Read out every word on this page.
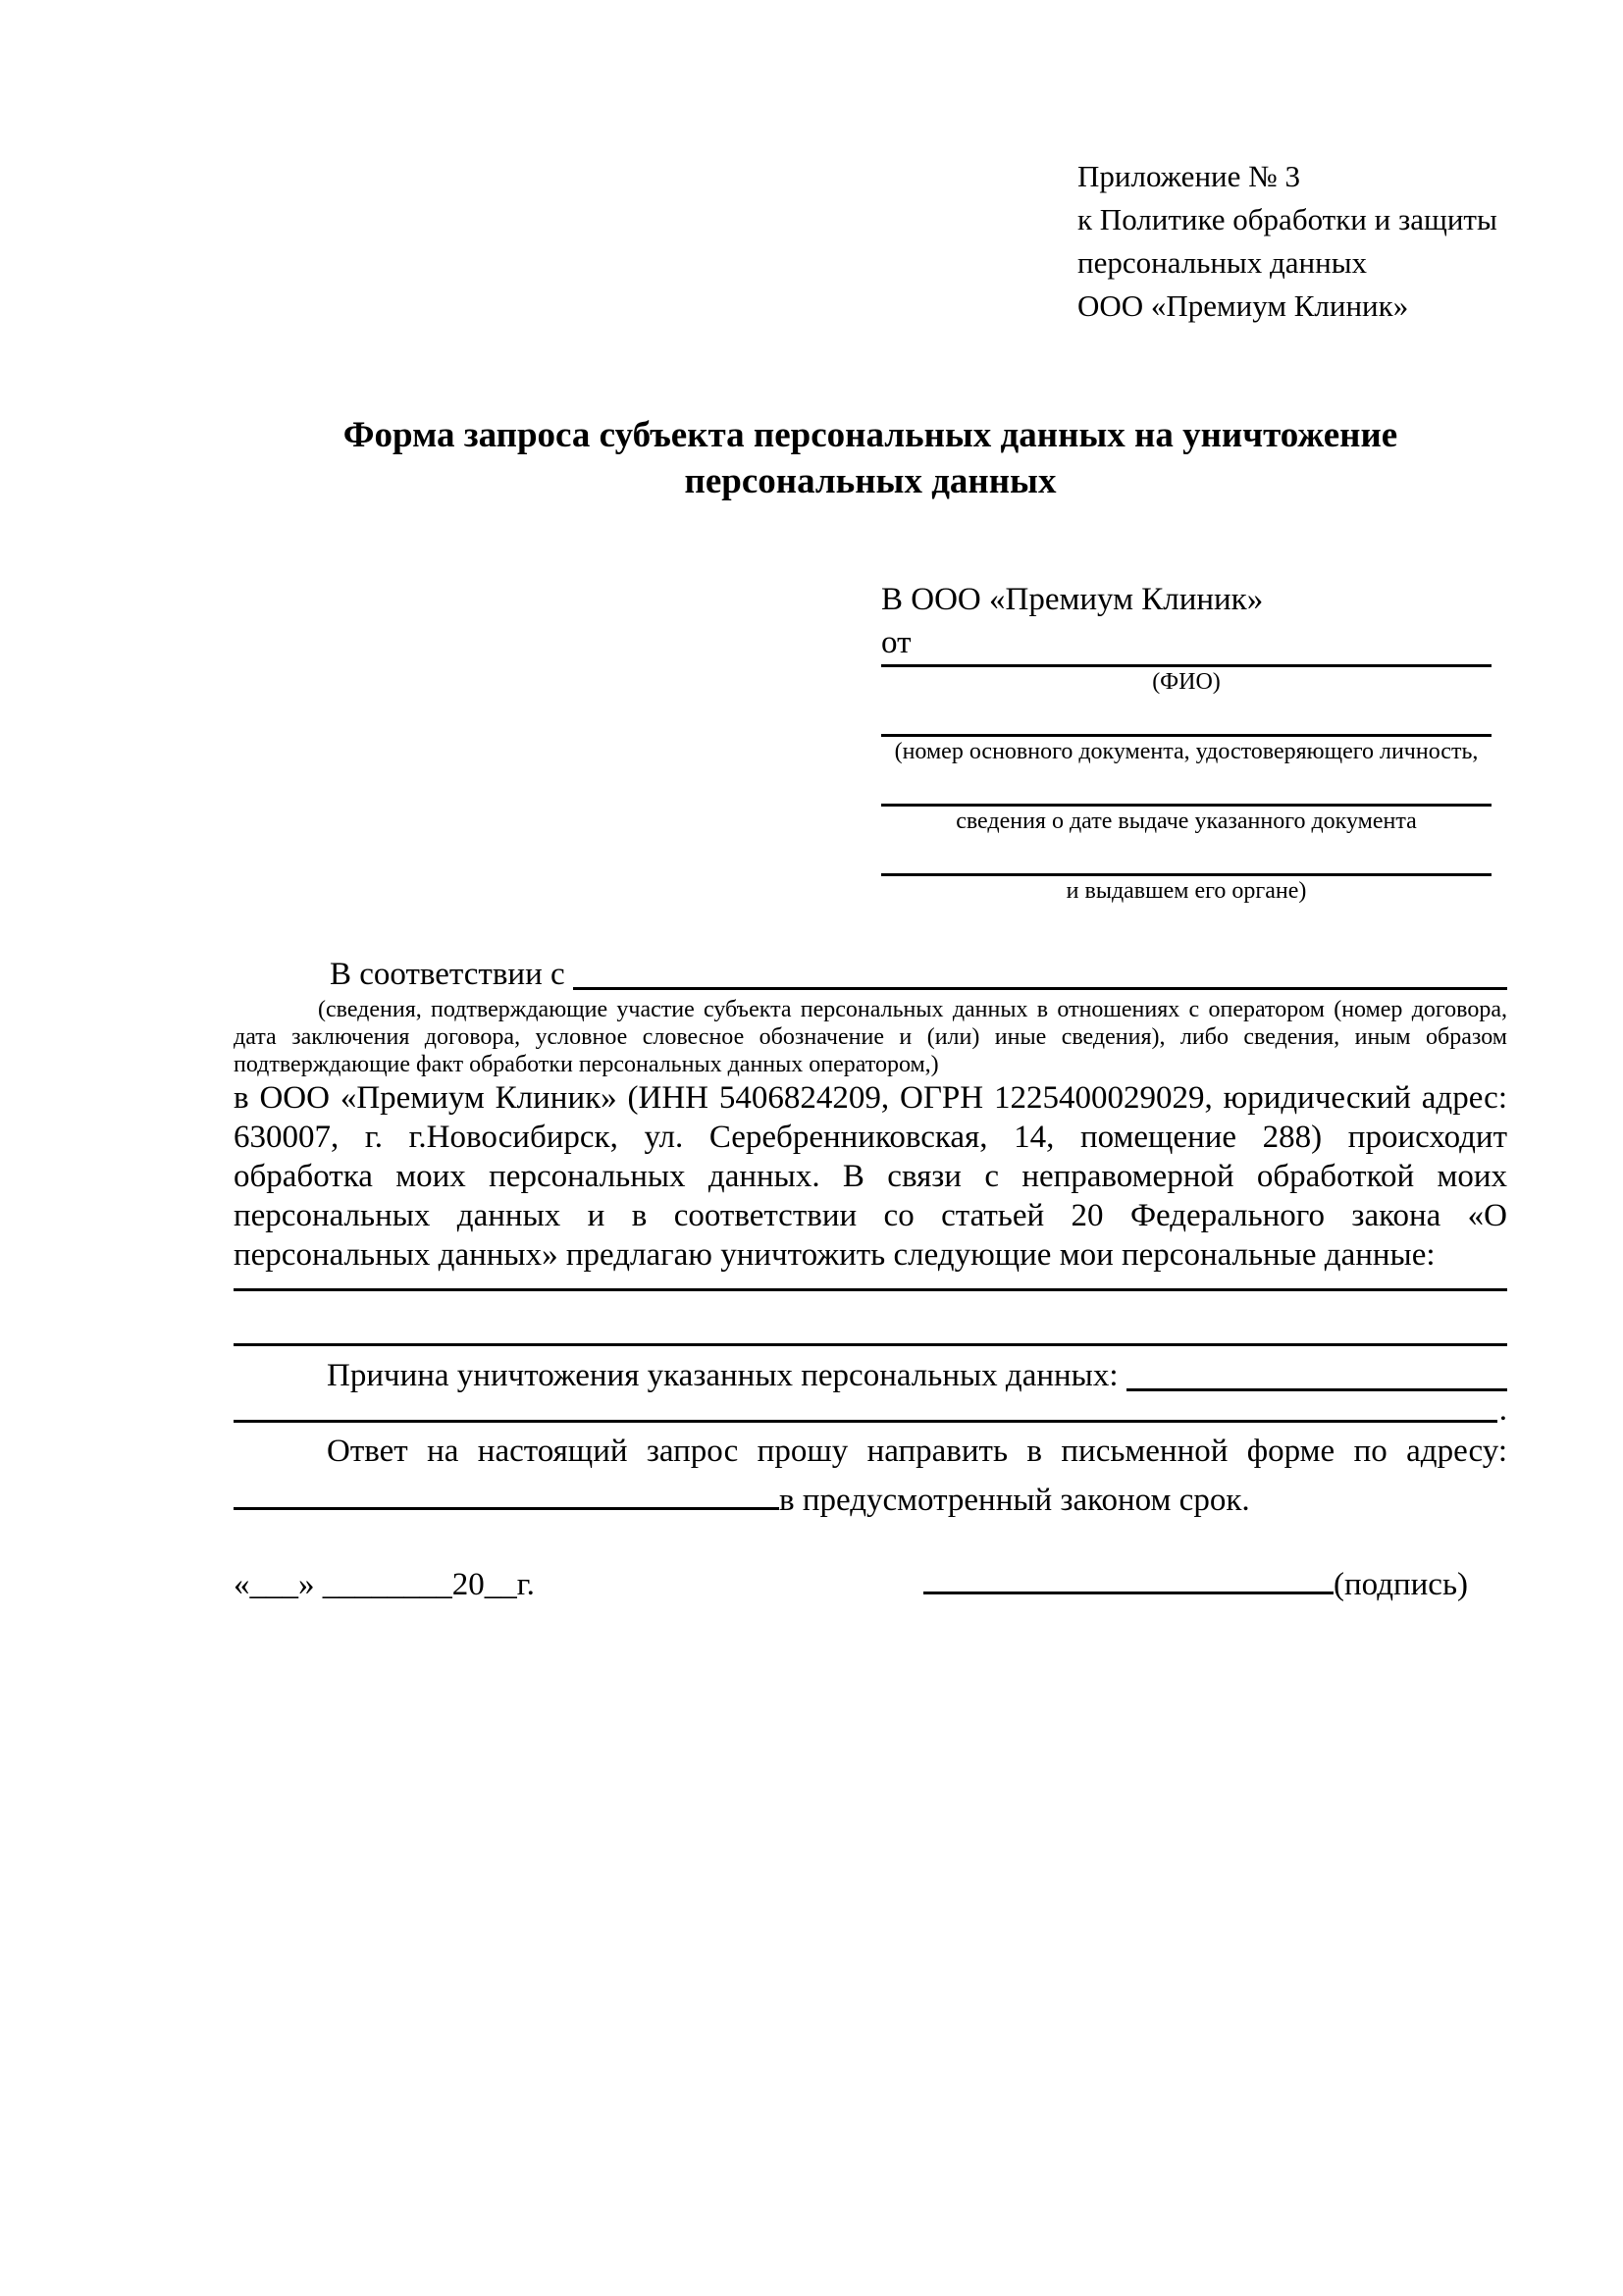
Приложение № 3
к Политике обработки и защиты
персональных данных
ООО «Премиум Клиник»
Форма запроса субъекта персональных данных на уничтожение персональных данных
В ООО «Премиум Клиник»
от
(ФИО)
(номер основного документа, удостоверяющего личность,
сведения о дате выдаче указанного документа
и выдавшем его органе)
В соответствии с
(сведения, подтверждающие участие субъекта персональных данных в отношениях с оператором (номер договора, дата заключения договора, условное словесное обозначение и (или) иные сведения), либо сведения, иным образом подтверждающие факт обработки персональных данных оператором,)
в ООО «Премиум Клиник» (ИНН 5406824209, ОГРН 1225400029029, юридический адрес: 630007, г. г.Новосибирск, ул. Серебренниковская, 14, помещение 288) происходит обработка моих персональных данных. В связи с неправомерной обработкой моих персональных данных и в соответствии со статьей 20 Федерального закона «О персональных данных» предлагаю уничтожить следующие мои персональные данные:
Причина уничтожения указанных персональных данных:
.
Ответ на настоящий запрос прошу направить в письменной форме по адресу: в предусмотренный законом срок.
«___» ________20__г.	(подпись)
